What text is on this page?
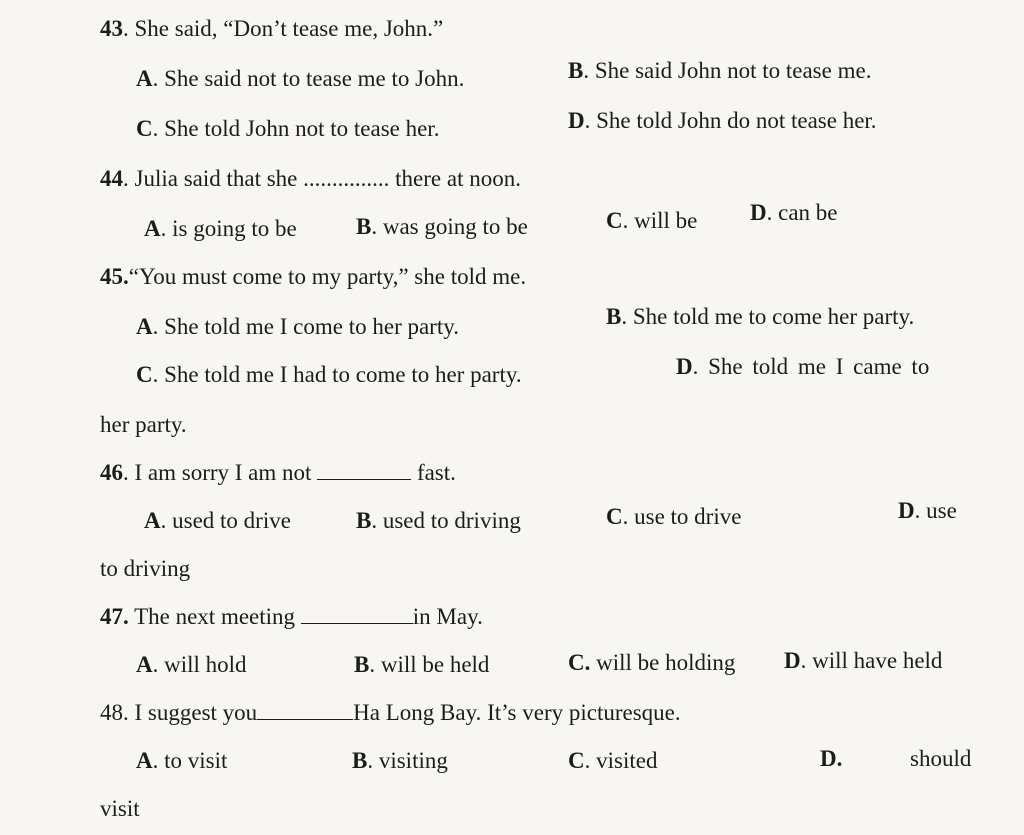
43. She said, “Don’t tease me, John.”
A. She said not to tease me to John.	B. She said John not to tease me.
C. She told John not to tease her.	D. She told John do not tease her.
44. Julia said that she ............... there at noon.
A. is going to be	B. was going to be	C. will be D. can be
45.“You must come to my party,” she told me.
A. She told me I come to her party.	B. She told me to come her party.
C. She told me I had to come to her party.	D. She told me I came to
her party.
46. I am sorry I am not	fast.
A. used to drive	B. used to driving	C. use to drive	D. use
to driving
47. The next meeting	in May.
A. will hold	B. will be held	C. will be holding D. will have held
48. I suggest you	Ha Long Bay. It’s very picturesque.
A. to visit	B. visiting	C. visited	D.	should
visit
